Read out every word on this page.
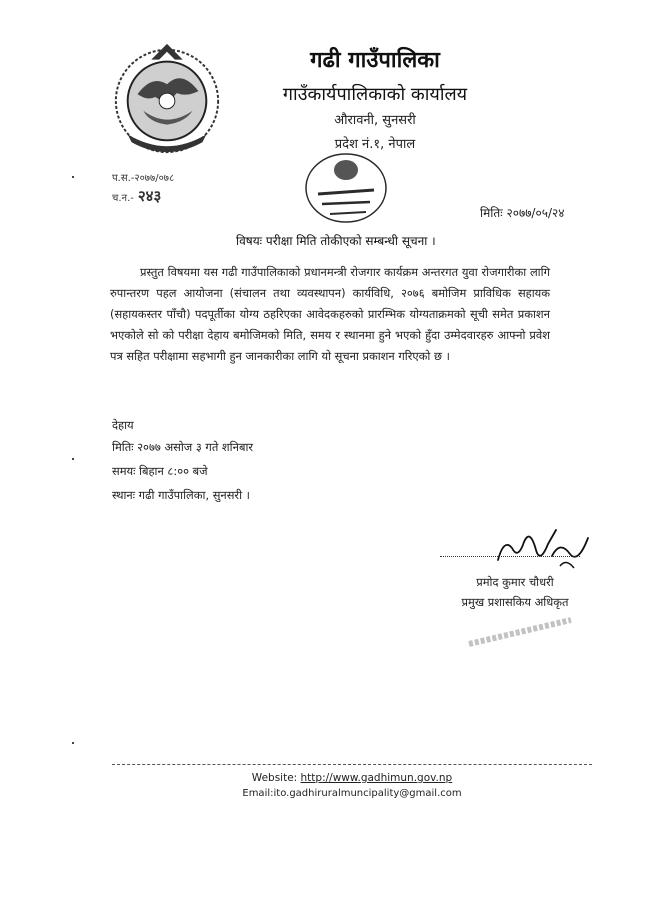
गढी गाउँपालिका
गाउँकार्यपालिकाको कार्यालय
औरावनी, सुनसरी
प्रदेश नं.१, नेपाल
प.स.-२०७७/०७८
च.न.- २४३
मितिः २०७७/०५/२४
विषयः परीक्षा मिति तोकीएको सम्बन्धी सूचना ।
प्रस्तुत विषयमा यस गढी गाउँपालिकाको प्रधानमन्त्री रोजगार कार्यक्रम अन्तरगत युवा रोजगारीका लागि रुपान्तरण पहल आयोजना (संचालन तथा व्यवस्थापन) कार्यविधि, २०७६ बमोजिम प्राविधिक सहायक (सहायकस्तर पाँचौ) पदपूर्तीका योग्य ठहरिएका आवेदकहरुको प्रारम्भिक योग्यताक्रमको सूची समेत प्रकाशन भएकोले सो को परीक्षा देहाय बमोजिमको मिति, समय र स्थानमा हुने भएको हुँदा उम्मेदवारहरु आफ्नो प्रवेश पत्र सहित परीक्षामा सहभागी हुन जानकारीका लागि यो सूचना प्रकाशन गरिएको छ ।
देहाय
मितिः २०७७ असोज ३ गते शनिबार
समयः बिहान ८:०० बजे
स्थानः गढी गाउँपालिका, सुनसरी ।
प्रमोद कुमार चौधरी
प्रमुख प्रशासकिय अधिकृत
Website: http://www.gadhimun.gov.np
Email:ito.gadhiruralmuncipality@gmail.com
